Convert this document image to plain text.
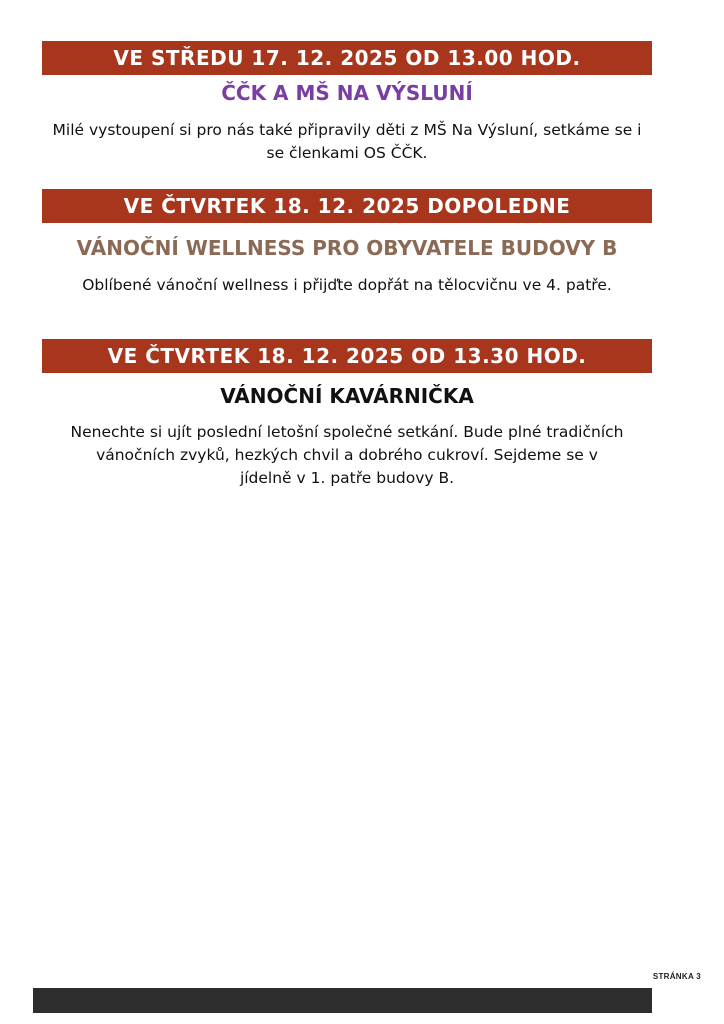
VE STŘEDU 17. 12. 2025 OD 13.00 HOD.
ČČK A MŠ NA VÝSLUNÍ
Milé vystoupení si pro nás také připravily děti z MŠ Na Výsluní, setkáme se i se členkami OS ČČK.
VE ČTVRTEK 18. 12. 2025 DOPOLEDNE
VÁNOČNÍ WELLNESS PRO OBYVATELE BUDOVY B
Oblíbené vánoční wellness i přijďte dopřát na tělocvičnu ve 4. patře.
VE ČTVRTEK 18. 12. 2025 OD 13.30 HOD.
VÁNOČNÍ KAVÁRNIČKA
Nenechte si ujít poslední letošní společné setkání. Bude plné tradičních vánočních zvyků, hezkých chvil a dobrého cukroví. Sejdeme se v jídelně v 1. patře budovy B.
STRÁNKA 3
